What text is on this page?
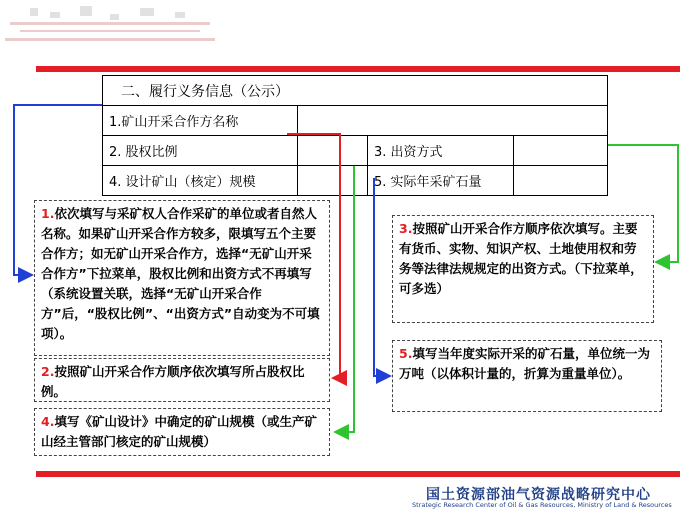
二、履行义务信息（公示）			
1.矿山开采合作方名称			
2. 股权比例		3. 出资方式	
4. 设计矿山（核定）规模		5. 实际年采矿石量	
1.依次填写与采矿权人合作采矿的单位或者自然人名称。如果矿山开采合作方较多，限填写五个主要合作方；如无矿山开采合作方，选择“无矿山开采合作方”下拉菜单，股权比例和出资方式不再填写（系统设置关联，选择“无矿山开采合作方”后，“股权比例”、“出资方式”自动变为不可填项）。
2.按照矿山开采合作方顺序依次填写所占股权比例。
4.填写《矿山设计》中确定的矿山规模（或生产矿山经主管部门核定的矿山规模）
3.按照矿山开采合作方顺序依次填写。主要有货币、实物、知识产权、土地使用权和劳务等法律法规规定的出资方式。（下拉菜单，可多选）
5.填写当年度实际开采的矿石量，单位统一为万吨（以体积计量的，折算为重量单位）。
国土资源部油气资源战略研究中心
Strategic Research Center of Oil & Gas Resources, Ministry of Land & Resources
